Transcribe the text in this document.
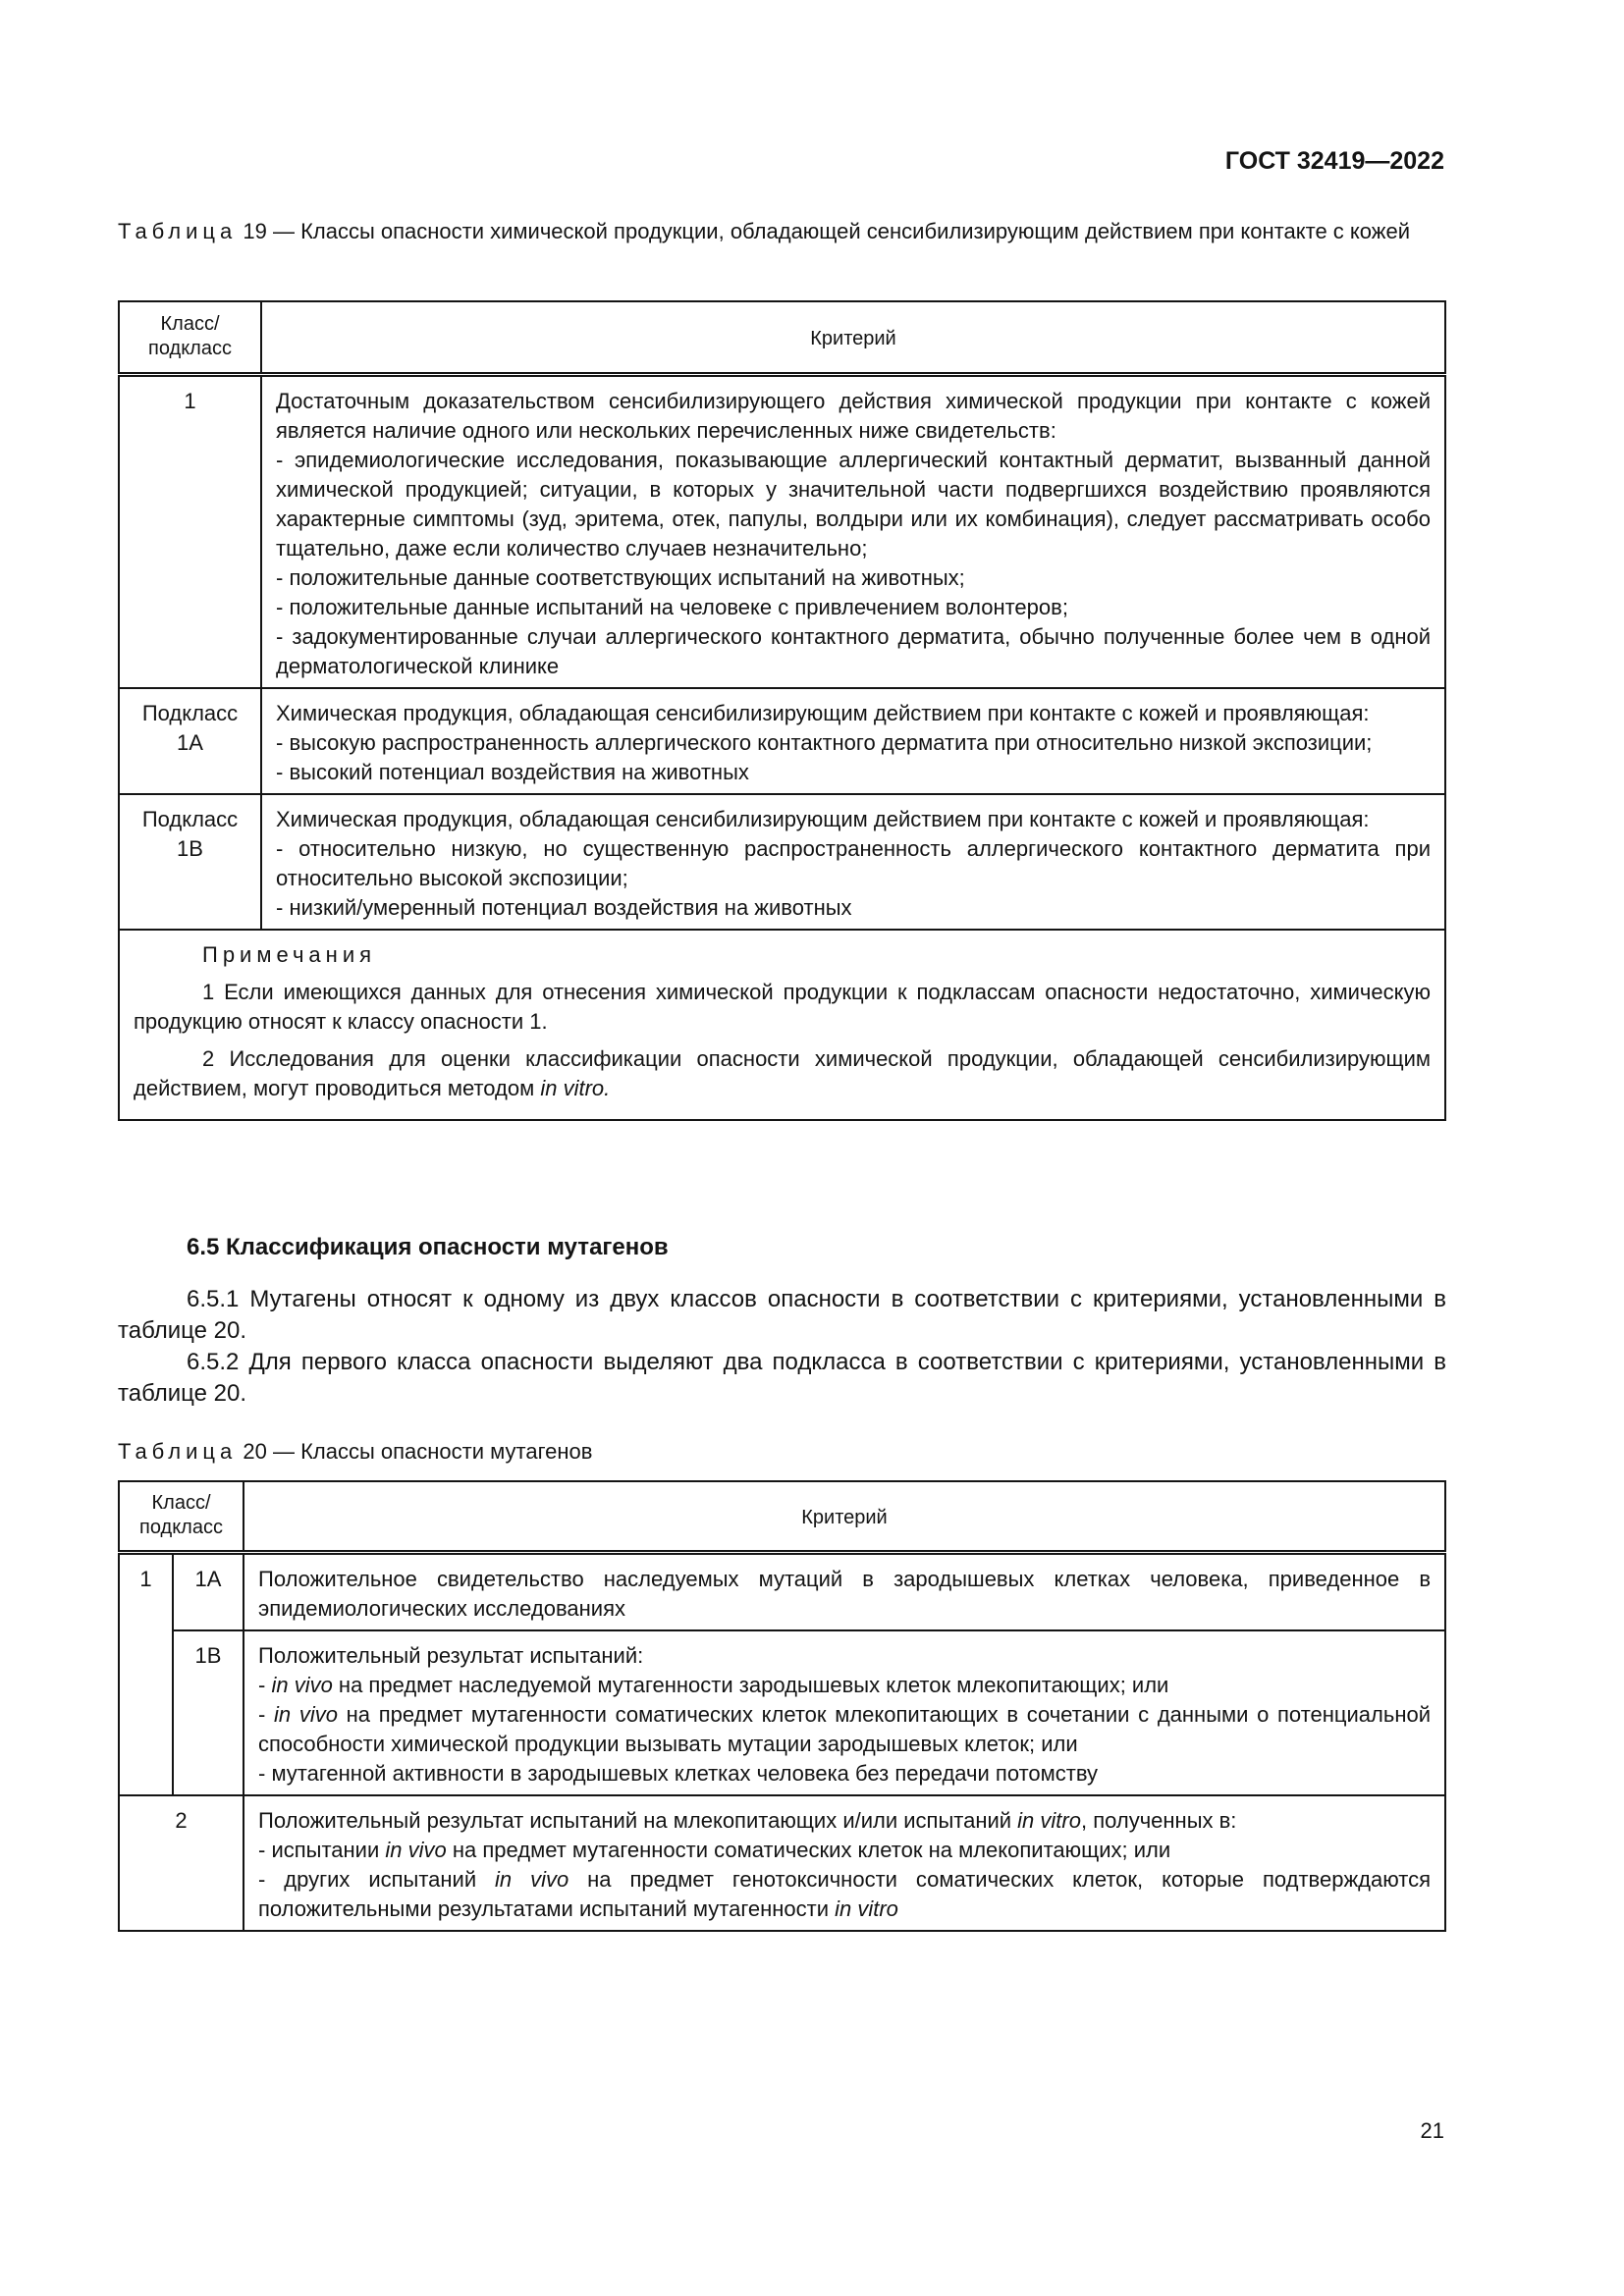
ГОСТ 32419—2022
Таблица 19 — Классы опасности химической продукции, обладающей сенсибилизирующим действием при контакте с кожей
Класс/ подкласс	Критерий
1	Достаточным доказательством сенсибилизирующего действия химической продукции при контакте с кожей является наличие одного или нескольких перечисленных ниже свидетельств:
- эпидемиологические исследования, показывающие аллергический контактный дерматит, вызванный данной химической продукцией; ситуации, в которых у значительной части подвергшихся воздействию проявляются характерные симптомы (зуд, эритема, отек, папулы, волдыри или их комбинация), следует рассматривать особо тщательно, даже если количество случаев незначительно;
- положительные данные соответствующих испытаний на животных;
- положительные данные испытаний на человеке с привлечением волонтеров;
- задокументированные случаи аллергического контактного дерматита, обычно полученные более чем в одной дерматологической клинике

Подкласс 1А	Химическая продукция, обладающая сенсибилизирующим действием при контакте с кожей и проявляющая:
- высокую распространенность аллергического контактного дерматита при относительно низкой экспозиции;
- высокий потенциал воздействия на животных

Подкласс 1В	Химическая продукция, обладающая сенсибилизирующим действием при контакте с кожей и проявляющая:
- относительно низкую, но существенную распространенность аллергического контактного дерматита при относительно высокой экспозиции;
- низкий/умеренный потенциал воздействия на животных

Примечания
1 Если имеющихся данных для отнесения химической продукции к подклассам опасности недостаточно, химическую продукцию относят к классу опасности 1.
2 Исследования для оценки классификации опасности химической продукции, обладающей сенсибилизирующим действием, могут проводиться методом in vitro.	
6.5 Классификация опасности мутагенов
6.5.1 Мутагены относят к одному из двух классов опасности в соответствии с критериями, установленными в таблице 20.
6.5.2 Для первого класса опасности выделяют два подкласса в соответствии с критериями, установленными в таблице 20.
Таблица 20 — Классы опасности мутагенов
Класс/ подкласс		Критерий
1	1А	Положительное свидетельство наследуемых мутаций в зародышевых клетках человека, приведенное в эпидемиологических исследованиях
	1В	Положительный результат испытаний:
- in vivo на предмет наследуемой мутагенности зародышевых клеток млекопитающих; или
- in vivo на предмет мутагенности соматических клеток млекопитающих в сочетании с данными о потенциальной способности химической продукции вызывать мутации зародышевых клеток; или
- мутагенной активности в зародышевых клетках человека без передачи потомству

2		Положительный результат испытаний на млекопитающих и/или испытаний in vitro, полученных в:
- испытании in vivo на предмет мутагенности соматических клеток на млекопитающих; или
- других испытаний in vivo на предмет генотоксичности соматических клеток, которые подтверждаются положительными результатами испытаний мутагенности in vitro
21
